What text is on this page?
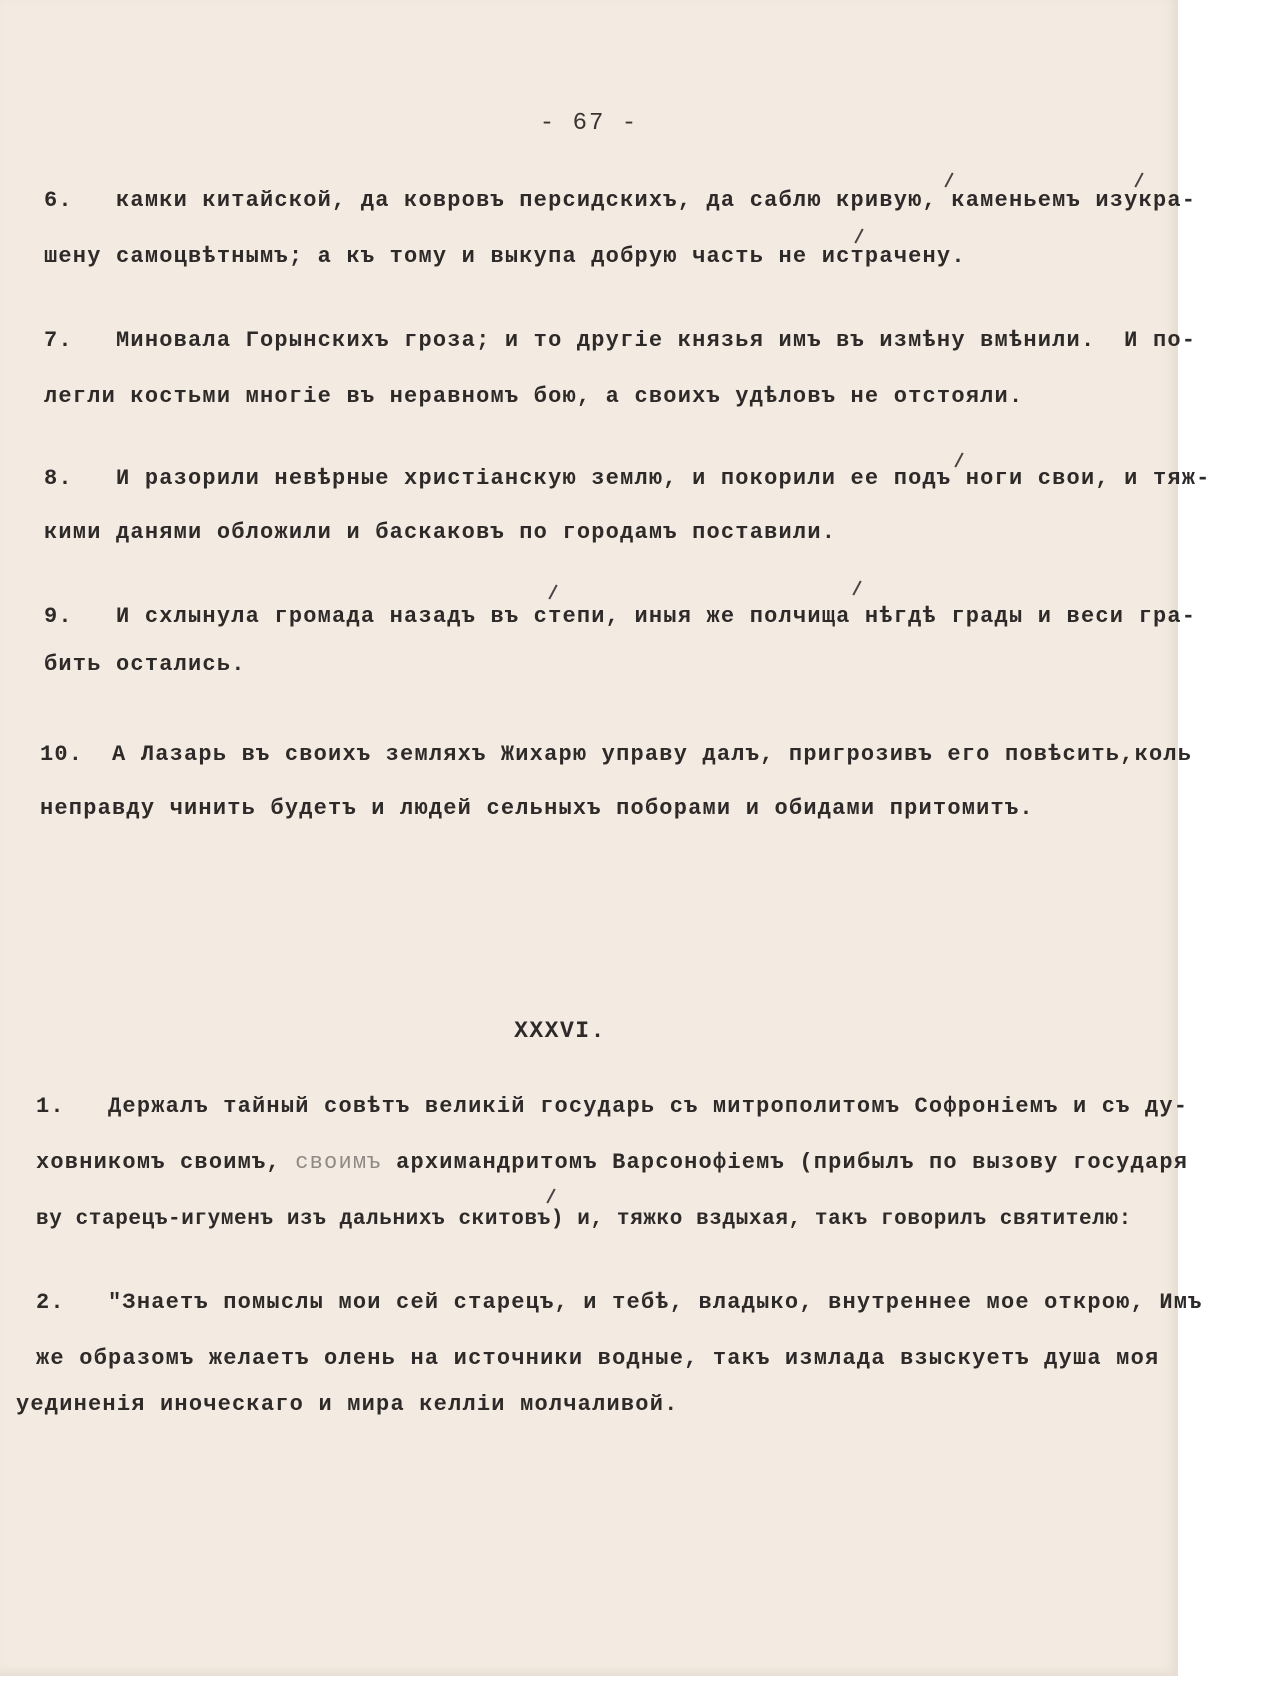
- 67 -
6.   камки китайской, да ковровъ персидскихъ, да саблю кривую, каменьемъ изукра-
шену самоцвѣтнымъ; а къ тому и выкупа добрую часть не истрачену.
7.   Миновала Горынскихъ гроза; и то другiе князья имъ въ измѣну вмѣнили.  И по-
легли костьми многiе въ неравномъ бою, а своихъ удѣловъ не отстояли.
8.   И разорили невѣрные христiанскую землю, и покорили ее подъ ноги свои, и тяж-
кими данями обложили и баскаковъ по городамъ поставили.
9.   И схлынула громада назадъ въ степи, иныя же полчища нѣгдѣ грады и веси гра-
бить остались.
10.  А Лазарь въ своихъ земляхъ Жихарю управу далъ, пригрозивъ его повѣсить,коль
неправду чинить будетъ и людей сельныхъ поборами и обидами притомитъ.
XXXVI.
1.   Держалъ тайный совѣтъ великiй государь съ митрополитомъ Софронiемъ и съ ду-
ховникомъ своимъ, своимъ архимандритомъ Варсонофiемъ (прибылъ по вызову государя
ву старецъ-игуменъ изъ дальнихъ скитовъ) и, тяжко вздыхая, такъ говорилъ святителю:
2.   "Знаетъ помыслы мои сей старецъ, и тебѣ, владыко, внутреннее мое открою, Имъ
же образомъ желаетъ олень на источники водные, такъ измлада взыскуетъ душа моя
уединенiя иноческаго и мира келлiи молчаливой.
